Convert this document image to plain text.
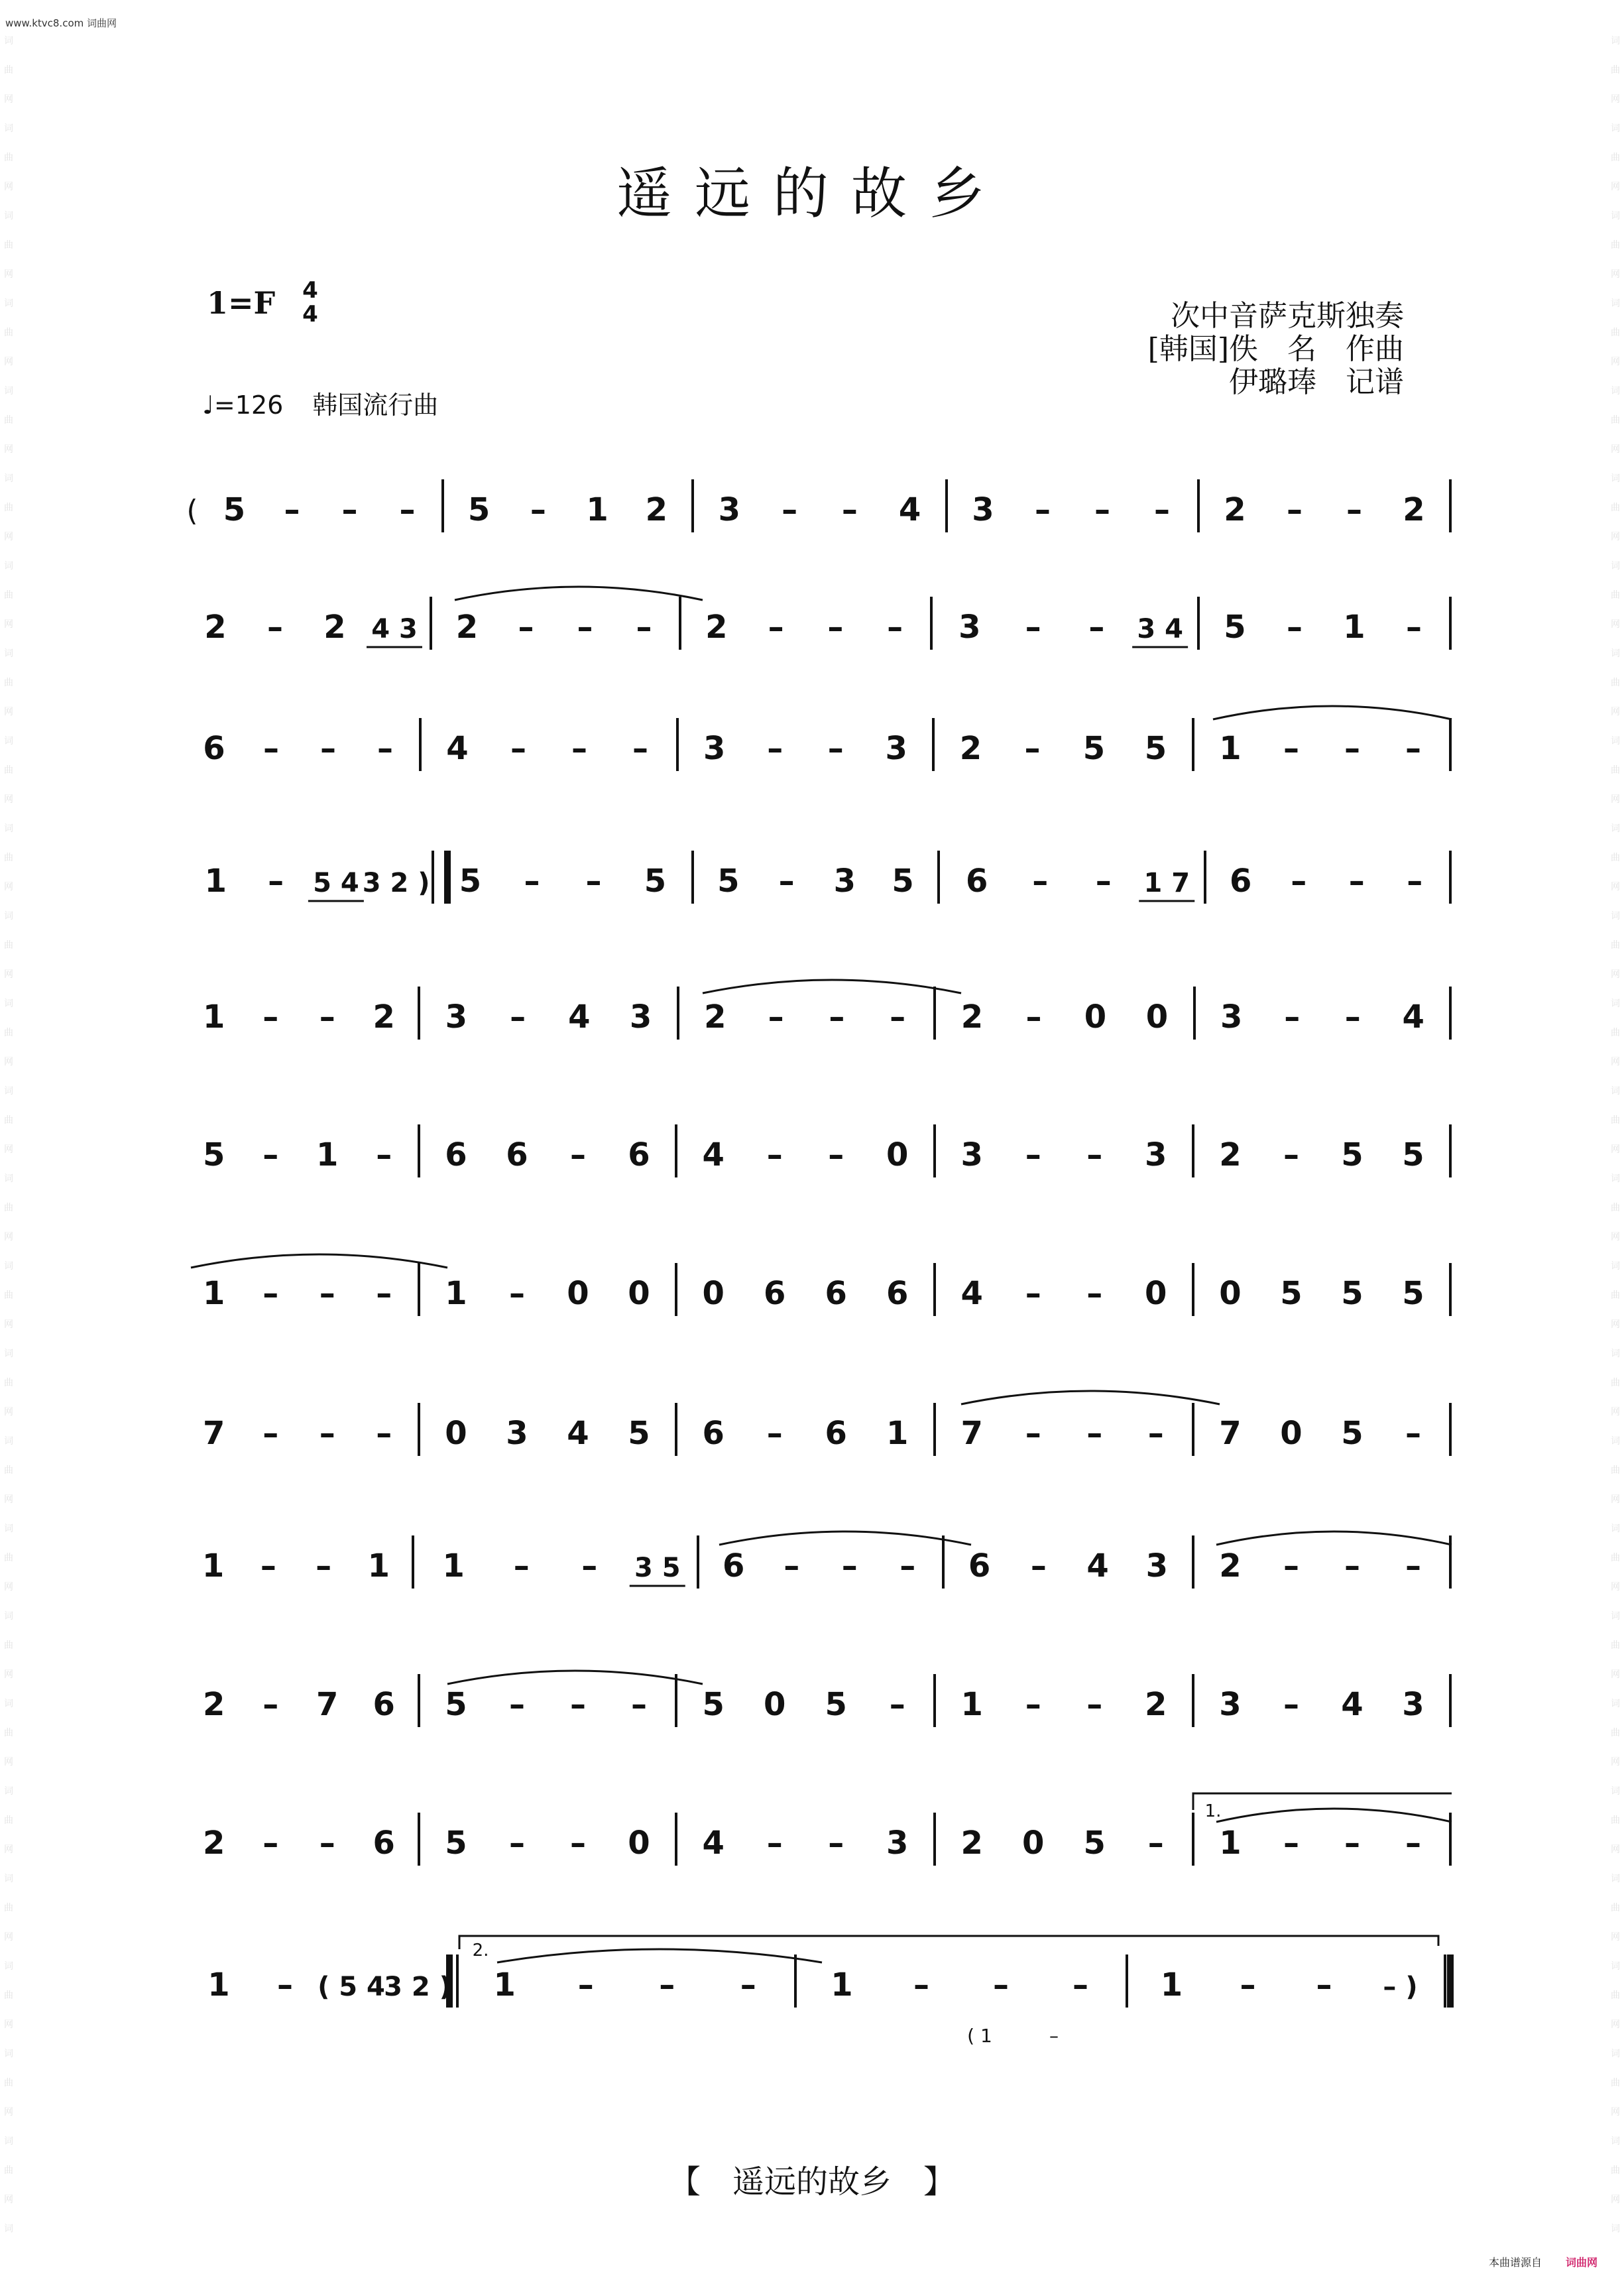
www.ktvc8.com 词曲网
词
曲
网
词
曲
网
词
曲
网
词
曲
网
词
曲
网
词
曲
网
词
曲
网
词
曲
网
词
曲
网
词
曲
网
词
曲
网
词
曲
网
词
曲
网
词
曲
网
词
曲
网
词
曲
网
词
曲
网
词
曲
网
词
曲
网
词
曲
网
词
曲
网
词
曲
网
词
曲
网
词
曲
网
词
曲
网
词

词
曲
网
词
曲
网
词
曲
网
词
曲
网
词
曲
网
词
曲
网
词
曲
网
词
曲
网
词
曲
网
词
曲
网
词
曲
网
词
曲
网
词
曲
网
词
曲
网
词
曲
网
词
曲
网
词
曲
网
词
曲
网
词
曲
网
词
曲
网
词
曲
网
词
曲
网
词
曲
网
词
曲
网
词
曲
网
词

遥远的故乡
1=F 4
4
♩=126 韩国流行曲
次中音萨克斯独奏
[韩国]佚　名　作曲
伊璐琫　记谱
( 5 – – – 5 – 1 2 3 – – 4 3 – – – 2 – – 2
2 – 2 4 3 2 – – – 2 – – – 3 – – 3 4 5 – 1 –
6 – – – 4 – – – 3 – – 3 2 – 5 5 1 – – –
1 – 5 4 3 2 ) 5 – – 5 5 – 3 5 6 – – 1 7 6 – – –
1 – – 2 3 – 4 3 2 – – – 2 – 0 0 3 – – 4
5 – 1 – 6 6 – 6 4 – – 0 3 – – 3 2 – 5 5
1 – – – 1 – 0 0 0 6 6 6 4 – – 0 0 5 5 5
7 – – – 0 3 4 5 6 – 6 1 7 – – – 7 0 5 –
1 – – 1 1 – – 3 5 6 – – – 6 – 4 3 2 – – –
2 – 7 6 5 – – – 5 0 5 – 1 – – 2 3 – 4 3
2 – – 6 5 – – 0 4 – – 3 2 0 5 – 1 – – –
1 – ( 5 4
3 2 ) 1 – – – 1 – – – 1 – – – )
1.
2.
( 1	–
【　遥远的故乡　】
本曲谱源自 词曲网
